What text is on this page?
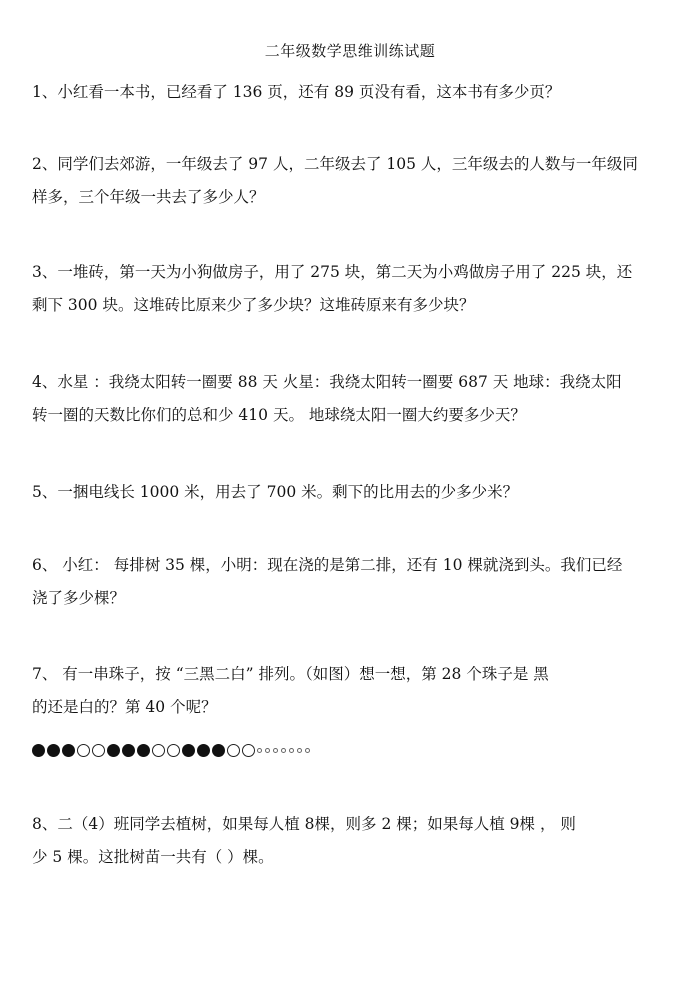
二年级数学思维训练试题
1、小红看一本书，已经看了 136 页，还有 89 页没有看，这本书有多少页？
2、同学们去郊游，一年级去了 97 人，二年级去了 105 人，三年级去的人数与一年级同
样多，三个年级一共去了多少人？
3、一堆砖，第一天为小狗做房子，用了 275 块，第二天为小鸡做房子用了 225 块，还
剩下 300 块。这堆砖比原来少了多少块？这堆砖原来有多少块？
4、水星 ：我绕太阳转一圈要 88 天 火星：我绕太阳转一圈要 687 天 地球：我绕太阳
转一圈的天数比你们的总和少 410 天。 地球绕太阳一圈大约要多少天？
5、一捆电线长 1000 米，用去了 700 米。剩下的比用去的少多少米？
6、 小红： 每排树 35 棵，小明：现在浇的是第二排，还有 10 棵就浇到头。我们已经
浇了多少棵？
7、 有一串珠子，按 “三黑二白” 排列。（如图）想一想，第 28 个珠子是 黑
的还是白的？第 40 个呢？
8、二（4）班同学去植树，如果每人植 8棵，则多 2 棵；如果每人植 9棵 ， 则
少 5 棵。这批树苗一共有（ ）棵。
